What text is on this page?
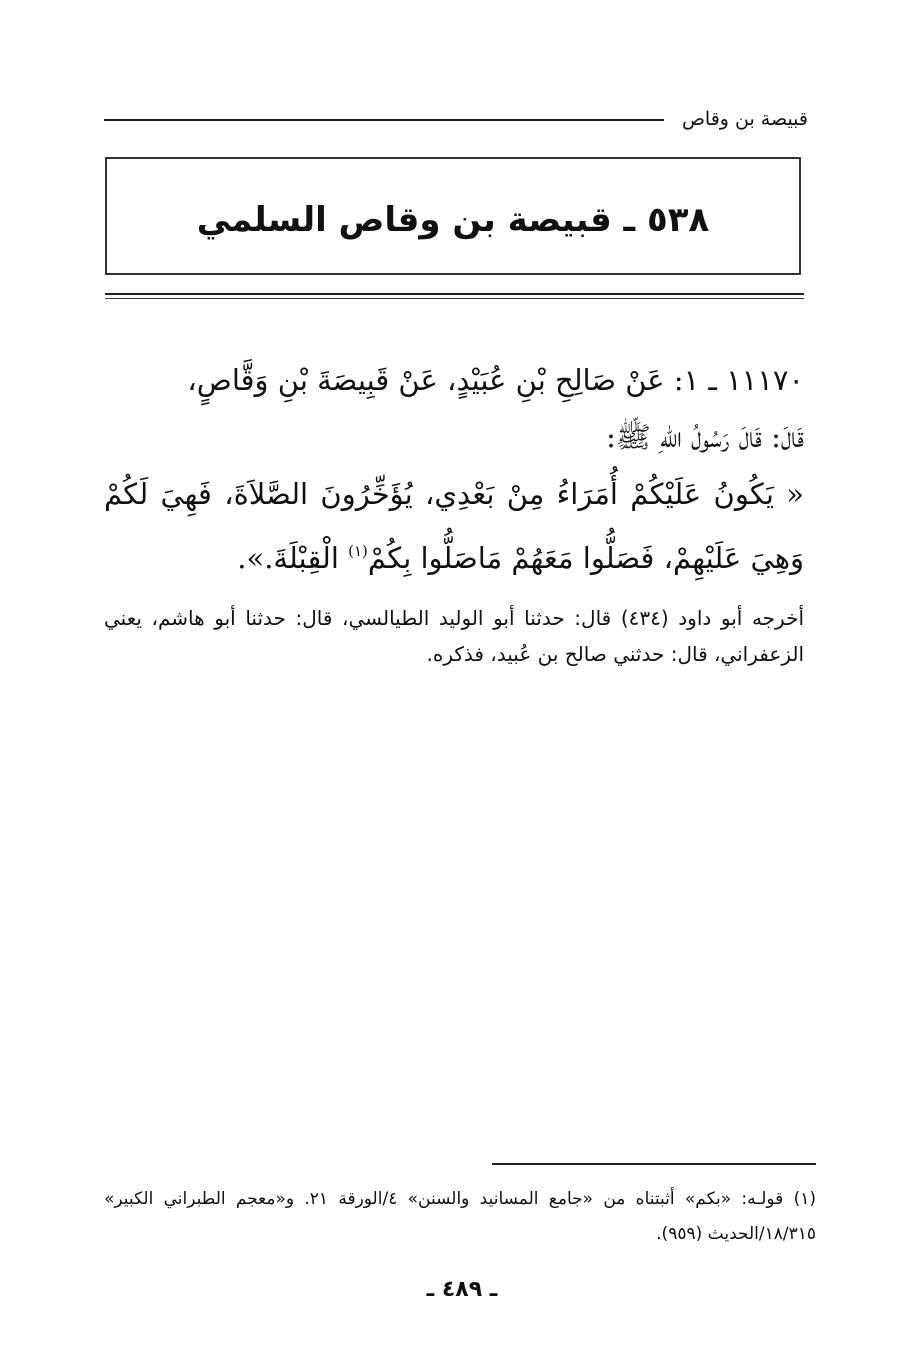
قبيصة بن وقاص
٥٣٨ ـ قبيصة بن وقاص السلمي

١١١٧٠ ـ ١: عَنْ صَالِحِ بْنِ عُبَيْدٍ، عَنْ قَبِيصَةَ بْنِ وَقَّاصٍ،

قَالَ: قَالَ رَسُولُ اللهِ ﷺ:

« يَكُونُ عَلَيْكُمْ أُمَرَاءُ مِنْ بَعْدِي، يُؤَخِّرُونَ الصَّلاَةَ، فَهِيَ لَكُمْ وَهِيَ عَلَيْهِمْ، فَصَلُّوا مَعَهُمْ مَاصَلُّوا بِكُمْ$^{(١)}$ الْقِبْلَةَ.».

أخرجه أبو داود (٤٣٤) قال: حدثنا أبو الوليد الطيالسي، قال: حدثنا أبو هاشم، يعني الزعفراني، قال: حدثني صالح بن عُبيد، فذكره.

(١) قولـه: «بكم» أثبتناه من «جامع المسانيد والسنن» ٤/الورقة ٢١. و«معجم الطبراني الكبير» ١٨/٣١٥/الحديث (٩٥٩).

ـ ٤٨٩ ـ
